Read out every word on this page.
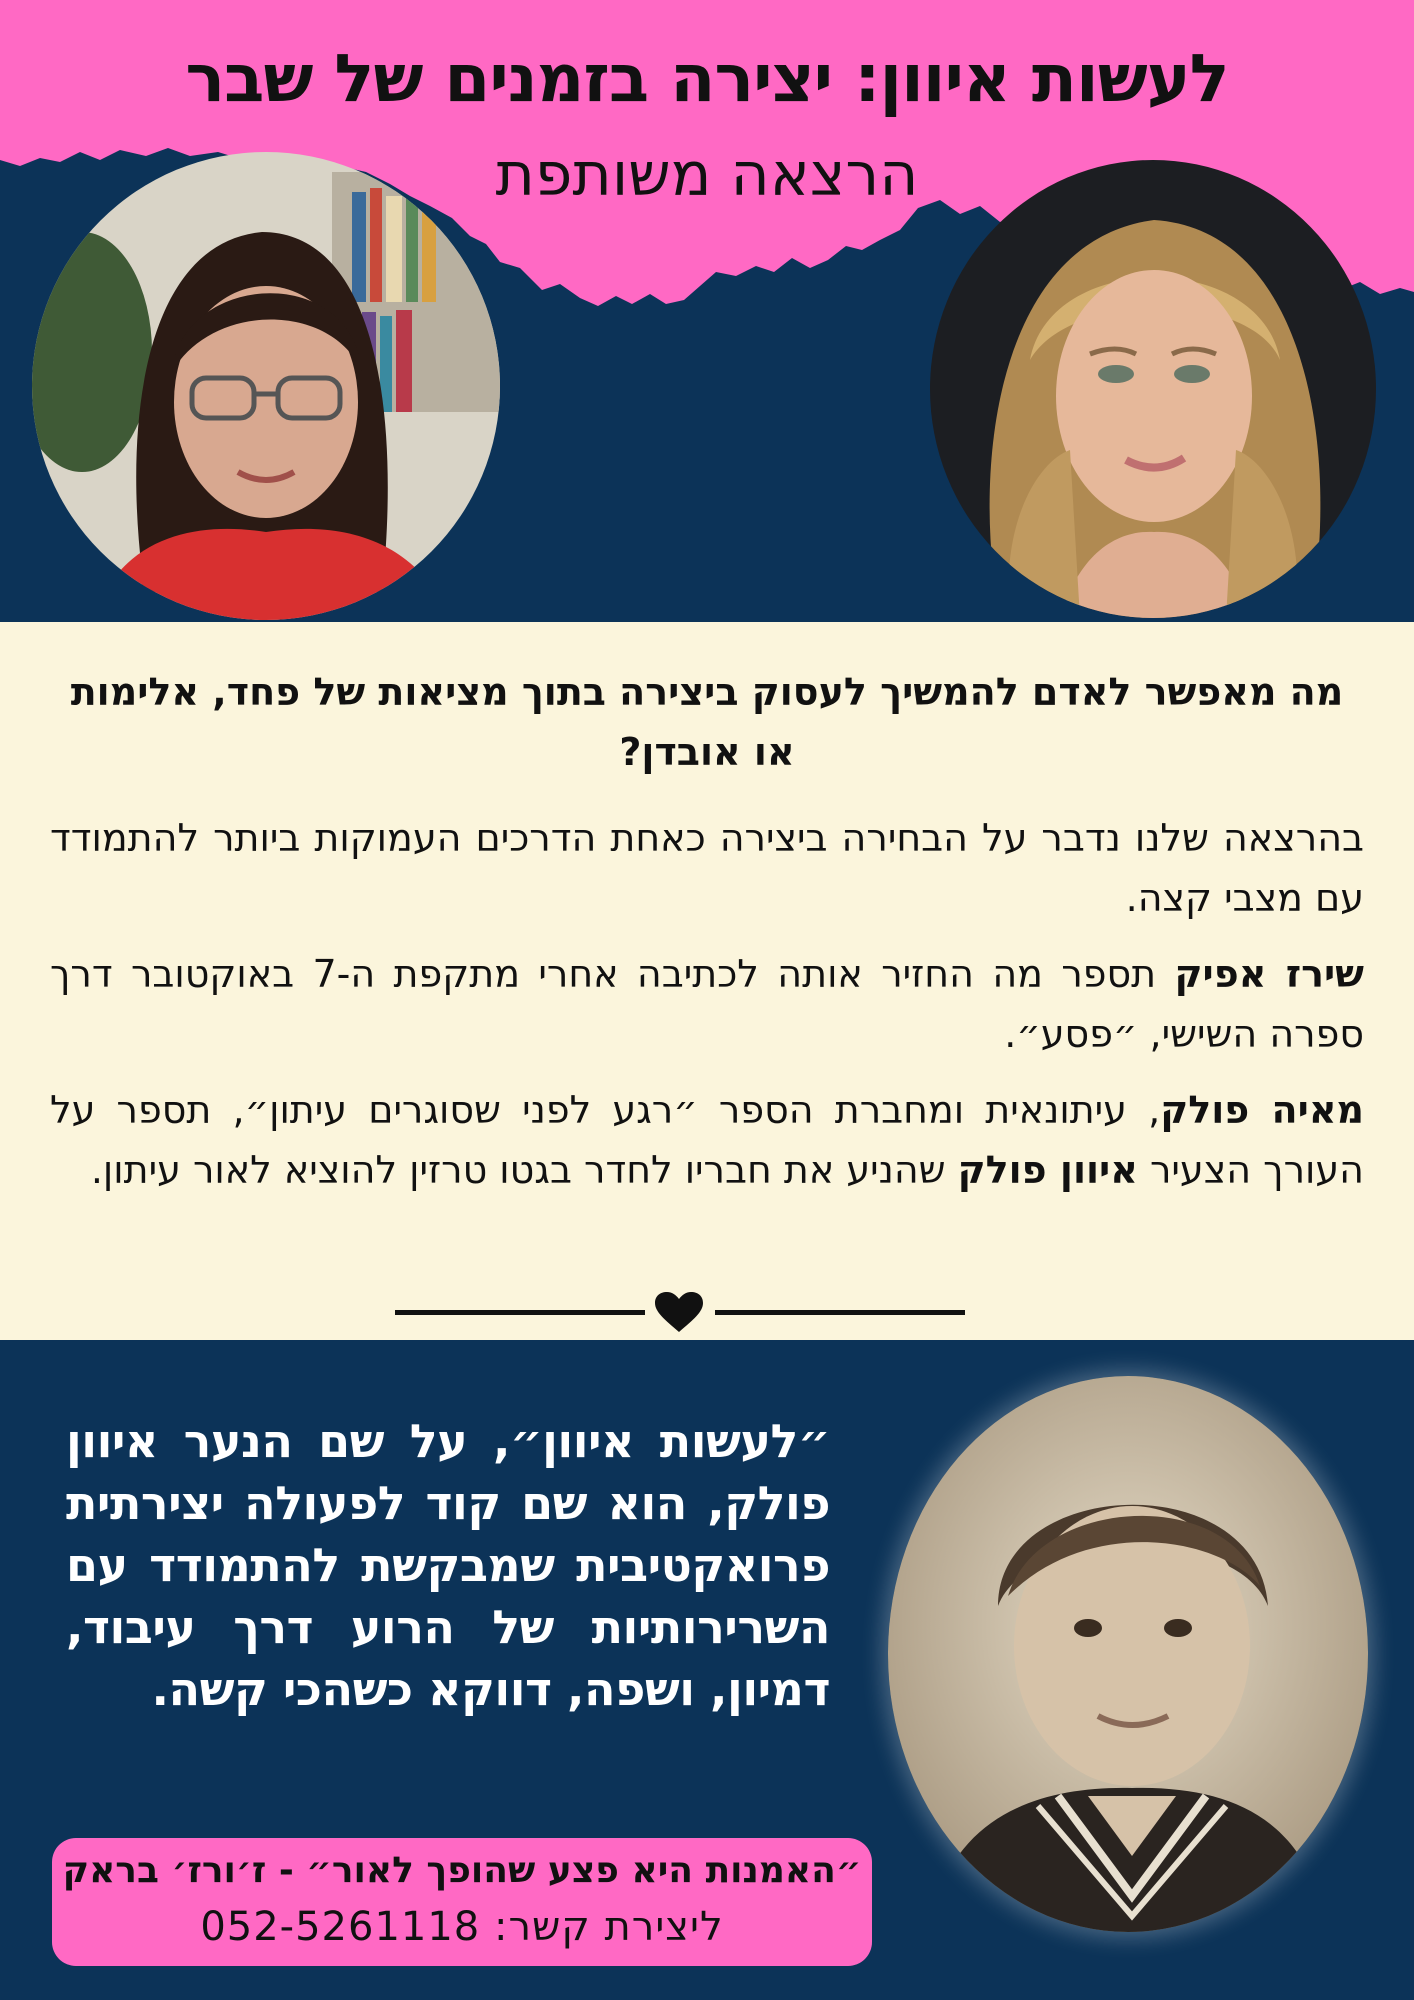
לעשות איוון: יצירה בזמנים של שבר
הרצאה משותפת
מה מאפשר לאדם להמשיך לעסוק ביצירה בתוך מציאות של פחד, אלימות או אובדן?
בהרצאה שלנו נדבר על הבחירה ביצירה כאחת הדרכים העמוקות ביותר להתמודד עם מצבי קצה.
שירז אפיק תספר מה החזיר אותה לכתיבה אחרי מתקפת ה-7 באוקטובר דרך ספרה השישי, ״פסע״.
מאיה פולק, עיתונאית ומחברת הספר ״רגע לפני שסוגרים עיתון״, תספר על העורך הצעיר איוון פולק שהניע את חבריו לחדר בגטו טרזין להוציא לאור עיתון.
״לעשות איוון״, על שם הנער איוון פולק, הוא שם קוד לפעולה יצירתית פרואקטיבית שמבקשת להתמודד עם השרירותיות של הרוע דרך עיבוד, דמיון, ושפה, דווקא כשהכי קשה.
״האמנות היא פצע שהופך לאור״ - ז׳ורז׳ בראק
ליצירת קשר: 052-5261118
